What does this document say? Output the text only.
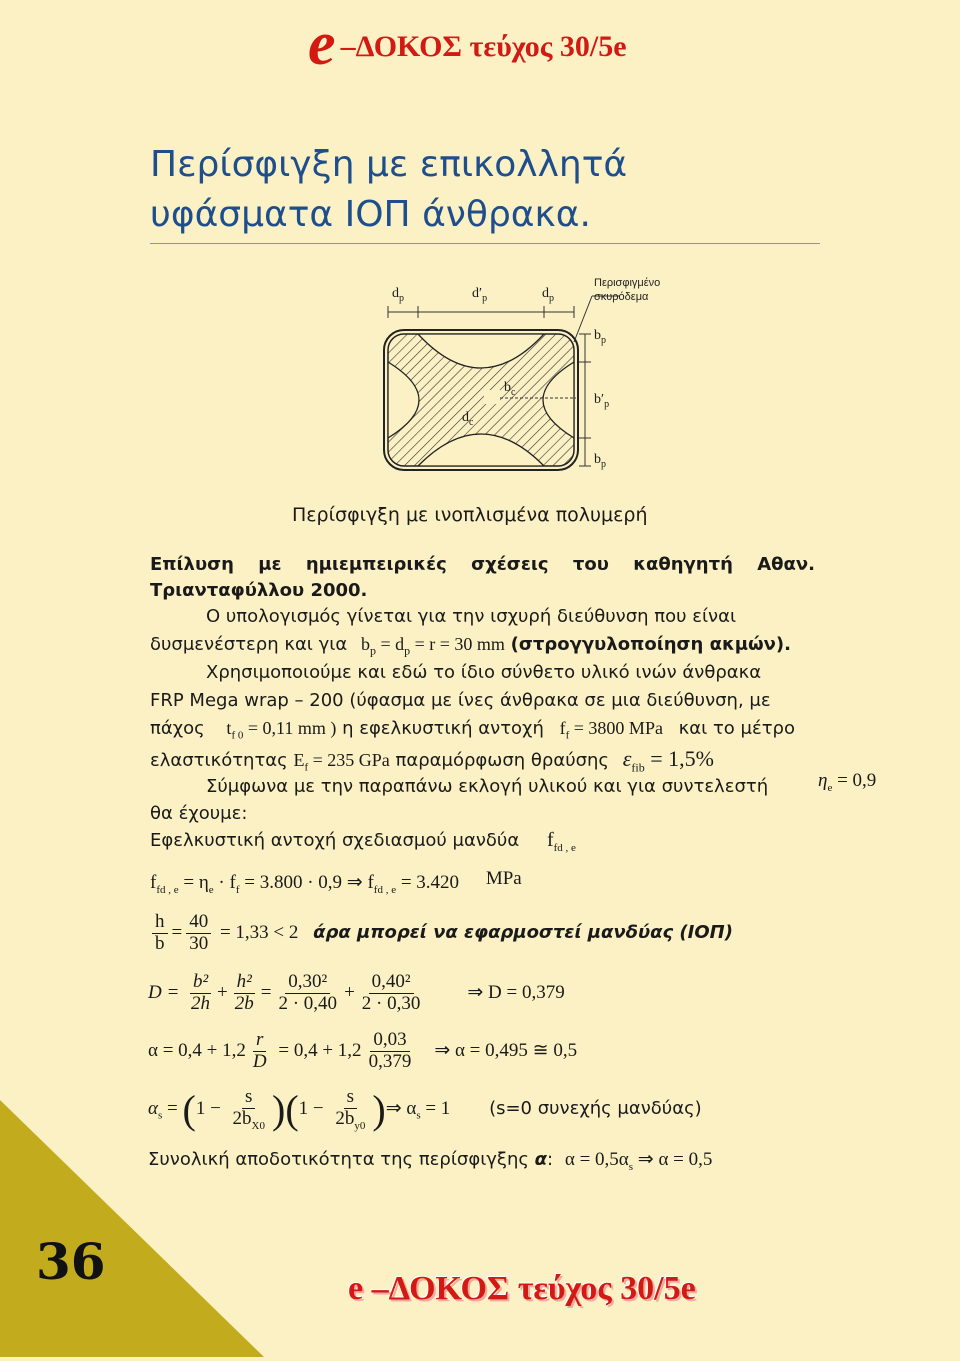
e –ΔΟΚΟΣ τεύχος 30/5e
Περίσφιγξη με επικολλητά
υφάσματα ΙΟΠ άνθρακα.
Περισφιγμένο
σκυρόδεμα
$d_p$	$d'_p$	$d_p$
$b_p$
$b_c$	$b'_p$
$d_c$
$b_p$
Περίσφιγξη με ινοπλισμένα πολυμερή
Επίλυση με ημιεμπειρικές σχέσεις του καθηγητή Αθαν. Τριανταφύλλου 2000.
Ο υπολογισμός γίνεται για την ισχυρή διεύθυνση που είναι
δυσμενέστερη και για $b_p = d_p = r = 30$ mm (στρογγυλοποίηση ακμών).
Χρησιμοποιούμε και εδώ το ίδιο σύνθετο υλικό ινών άνθρακα
FRP Mega wrap – 200 (ύφασμα με ίνες άνθρακα σε μια διεύθυνση, με
πάχος $t_{f 0} = 0,11$ mm ) η εφελκυστική αντοχή $f_f = 3800$ MPa και το μέτρο
ελαστικότητας $E_f = 235$ GPa παραμόρφωση θραύσης $\varepsilon_{fib} = 1,5\%$
Σύμφωνα με την παραπάνω εκλογή υλικού και για συντελεστή	$\eta_e = 0,9$
θα έχουμε:
Εφελκυστική αντοχή σχεδιασμού μανδύα $f_{fd , e}$
$f_{fd , e} = \eta_e \cdot f_f = 3.800 \cdot 0,9$ ⇒ $f_{fd , e} = 3.420$ MPa
$\frac{h}{b} = \frac{40}{30} = 1,33 < 2$ άρα μπορεί να εφαρμοστεί μανδύας (ΙΟΠ)
$D = \frac{\text{b²}}{2h} + \frac{\text{h²}}{2b} = \frac{\text{0,30²}}{2 \cdot 0,40} + \frac{\text{0,40²}}{2 \cdot 0,30}$ ⇒ D = 0,379
$\alpha = 0,4 + 1,2 \frac{r}{D} = 0,4 + 1,2 \frac{0,03}{0,379}$ ⇒ α = 0,495 ≅ 0,5
$\alpha_s = (1 - \frac{s}{2b_{X0}} )(1 - \frac{s}{2b_{y0}}$ )⇒ $\alpha_s = 1$ (s=0 συνεχής μανδύας)
Συνολική αποδοτικότητα της περίσφιγξης α: $\alpha = 0,5\alpha_s$ ⇒ α = 0,5
36	e –ΔΟΚΟΣ τεύχος 30/5e
